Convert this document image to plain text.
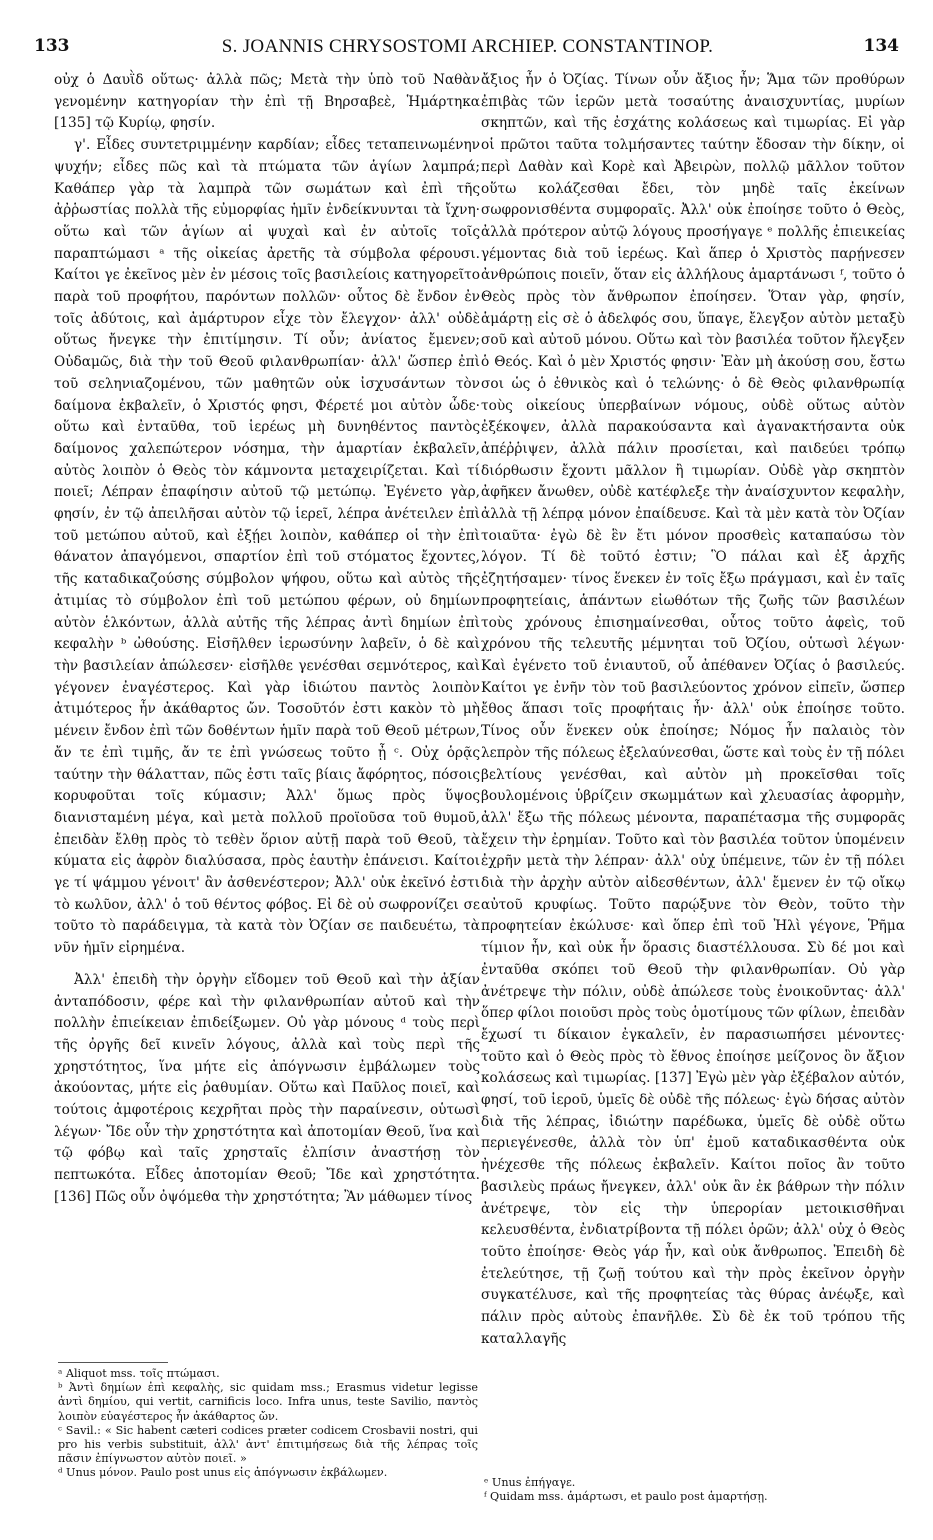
133	S. JOANNIS CHRYSOSTOMI ARCHIEP. CONSTANTINOP.	134

οὐχ ὁ Δαυῒδ οὕτως· ἀλλὰ πῶς; Μετὰ τὴν ὑπὸ τοῦ Ναθὰν γενομένην κατηγορίαν τὴν ἐπὶ τῇ Βηρσαβεὲ, Ἡμάρτηκα [135] τῷ Κυρίῳ, φησίν.

γ'. Εἶδες συντετριμμένην καρδίαν; εἶδες τεταπεινωμένην ψυχήν; εἶδες πῶς καὶ τὰ πτώματα τῶν ἁγίων λαμπρά; Καθάπερ γὰρ τὰ λαμπρὰ τῶν σωμάτων καὶ ἐπὶ τῆς ἀῤῥωστίας πολλὰ τῆς εὐμορφίας ἡμῖν ἐνδείκνυνται τὰ ἴχνη· οὕτω καὶ τῶν ἁγίων αἱ ψυχαὶ καὶ ἐν αὐτοῖς τοῖς παραπτώμασι ᵃ τῆς οἰκείας ἀρετῆς τὰ σύμβολα φέρουσι. Καίτοι γε ἐκεῖνος μὲν ἐν μέσοις τοῖς βασιλείοις κατηγορεῖτο παρὰ τοῦ προφήτου, παρόντων πολλῶν· οὗτος δὲ ἔνδον ἐν τοῖς ἀδύτοις, καὶ ἀμάρτυρον εἶχε τὸν ἔλεγχον· ἀλλ' οὐδὲ οὕτως ἤνεγκε τὴν ἐπιτίμησιν. Τί οὖν; ἀνίατος ἔμενεν; Οὐδαμῶς, διὰ τὴν τοῦ Θεοῦ φιλανθρωπίαν· ἀλλ' ὥσπερ ἐπὶ τοῦ σεληνιαζομένου, τῶν μαθητῶν οὐκ ἰσχυσάντων τὸν δαίμονα ἐκβαλεῖν, ὁ Χριστός φησι, Φέρετέ μοι αὐτὸν ὧδε· οὕτω καὶ ἐνταῦθα, τοῦ ἱερέως μὴ δυνηθέντος παντὸς δαίμονος χαλεπώτερον νόσημα, τὴν ἁμαρτίαν ἐκβαλεῖν, αὐτὸς λοιπὸν ὁ Θεὸς τὸν κάμνοντα μεταχειρίζεται. Καὶ τί ποιεῖ; Λέπραν ἐπαφίησιν αὐτοῦ τῷ μετώπῳ. Ἐγένετο γὰρ, φησίν, ἐν τῷ ἀπειλῆσαι αὐτὸν τῷ ἱερεῖ, λέπρα ἀνέτειλεν ἐπὶ τοῦ μετώπου αὐτοῦ, καὶ ἐξῄει λοιπὸν, καθάπερ οἱ τὴν ἐπὶ θάνατον ἀπαγόμενοι, σπαρτίον ἐπὶ τοῦ στόματος ἔχοντες, τῆς καταδικαζούσης σύμβολον ψήφου, οὕτω καὶ αὐτὸς τῆς ἀτιμίας τὸ σύμβολον ἐπὶ τοῦ μετώπου φέρων, οὐ δημίων αὐτὸν ἑλκόντων, ἀλλὰ αὐτῆς τῆς λέπρας ἀντὶ δημίων ἐπὶ κεφαλὴν ᵇ ὠθούσης. Εἰσῆλθεν ἱερωσύνην λαβεῖν, ὁ δὲ καὶ τὴν βασιλείαν ἀπώλεσεν· εἰσῆλθε γενέσθαι σεμνότερος, καὶ γέγονεν ἐναγέστερος. Καὶ γὰρ ἰδιώτου παντὸς λοιπὸν ἀτιμότερος ἦν ἀκάθαρτος ὤν. Τοσοῦτόν ἐστι κακὸν τὸ μὴ μένειν ἔνδον ἐπὶ τῶν δοθέντων ἡμῖν παρὰ τοῦ Θεοῦ μέτρων, ἄν τε ἐπὶ τιμῆς, ἄν τε ἐπὶ γνώσεως τοῦτο ᾖ ᶜ. Οὐχ ὁρᾷς ταύτην τὴν θάλατταν, πῶς ἐστι ταῖς βίαις ἄφόρητος, πόσοις κορυφοῦται τοῖς κύμασιν; Ἀλλ' ὅμως πρὸς ὕψος διανισταμένη μέγα, καὶ μετὰ πολλοῦ προϊοῦσα τοῦ θυμοῦ, ἐπειδὰν ἔλθῃ πρὸς τὸ τεθὲν ὅριον αὐτῇ παρὰ τοῦ Θεοῦ, τὰ κύματα εἰς ἀφρὸν διαλύσασα, πρὸς ἑαυτὴν ἐπάνεισι. Καίτοι γε τί ψάμμου γένοιτ' ἂν ἀσθενέστερον; Ἀλλ' οὐκ ἐκεῖνό ἐστι τὸ κωλῦον, ἀλλ' ὁ τοῦ θέντος φόβος. Εἰ δὲ οὐ σωφρονίζει σε τοῦτο τὸ παράδειγμα, τὰ κατὰ τὸν Ὀζίαν σε παιδευέτω, τὰ νῦν ἡμῖν εἰρημένα.

Ἀλλ' ἐπειδὴ τὴν ὀργὴν εἴδομεν τοῦ Θεοῦ καὶ τὴν ἀξίαν ἀνταπόδοσιν, φέρε καὶ τὴν φιλανθρωπίαν αὐτοῦ καὶ τὴν πολλὴν ἐπιείκειαν ἐπιδείξωμεν. Οὐ γὰρ μόνους ᵈ τοὺς περὶ τῆς ὀργῆς δεῖ κινεῖν λόγους, ἀλλὰ καὶ τοὺς περὶ τῆς χρηστότητος, ἵνα μήτε εἰς ἀπόγνωσιν ἐμβάλωμεν τοὺς ἀκούοντας, μήτε εἰς ῥαθυμίαν. Οὕτω καὶ Παῦλος ποιεῖ, καὶ τούτοις ἀμφοτέροις κεχρῆται πρὸς τὴν παραίνεσιν, οὑτωσὶ λέγων· Ἴδε οὖν τὴν χρηστότητα καὶ ἀποτομίαν Θεοῦ, ἵνα καὶ τῷ φόβῳ καὶ ταῖς χρησταῖς ἐλπίσιν ἀναστήσῃ τὸν πεπτωκότα. Εἶδες ἀποτομίαν Θεοῦ; Ἴδε καὶ χρηστότητα. [136] Πῶς οὖν ὀψόμεθα τὴν χρηστότητα; Ἂν μάθωμεν τίνος

ᵃ Aliquot mss. τοῖς πτώμασι.

ᵇ Ἀντὶ δημίων ἐπὶ κεφαλὴς, sic quidam mss.; Erasmus videtur legisse ἀντὶ δημίου, qui vertit, carnificis loco. Infra unus, teste Savilio, παντὸς λοιπὸν εὐαγέστερος ἦν ἀκάθαρτος ὤν.

ᶜ Savil.: « Sic habent cæteri codices præter codicem Crosbavii nostri, qui pro his verbis substituit, ἀλλ' ἀντ' ἐπιτιμήσεως διὰ τῆς λέπρας τοῖς πᾶσιν ἐπίγνωστον αὐτὸν ποιεῖ. »

ᵈ Unus μόνον. Paulo post unus εἰς ἀπόγνωσιν ἐκβάλωμεν.

ἄξιος ἦν ὁ Ὀζίας. Τίνων οὖν ἄξιος ἦν; Ἅμα τῶν προθύρων ἐπιβὰς τῶν ἱερῶν μετὰ τοσαύτης ἀναισχυντίας, μυρίων σκηπτῶν, καὶ τῆς ἐσχάτης κολάσεως καὶ τιμωρίας. Εἰ γὰρ οἱ πρῶτοι ταῦτα τολμήσαντες ταύτην ἔδοσαν τὴν δίκην, οἱ περὶ Δαθὰν καὶ Κορὲ καὶ Ἀβειρὼν, πολλῷ μᾶλλον τοῦτον οὕτω κολάζεσθαι ἔδει, τὸν μηδὲ ταῖς ἐκείνων σωφρονισθέντα συμφοραῖς. Ἀλλ' οὐκ ἐποίησε τοῦτο ὁ Θεὸς, ἀλλὰ πρότερον αὐτῷ λόγους προσήγαγε ᵉ πολλῆς ἐπιεικείας γέμοντας διὰ τοῦ ἱερέως. Καὶ ἅπερ ὁ Χριστὸς παρῄνεσεν ἀνθρώποις ποιεῖν, ὅταν εἰς ἀλλήλους ἁμαρτάνωσι ᶠ, τοῦτο ὁ Θεὸς πρὸς τὸν ἄνθρωπον ἐποίησεν. Ὅταν γὰρ, φησίν, ἁμάρτῃ εἰς σὲ ὁ ἀδελφός σου, ὕπαγε, ἔλεγξον αὐτὸν μεταξὺ σοῦ καὶ αὐτοῦ μόνου. Οὕτω καὶ τὸν βασιλέα τοῦτον ἤλεγξεν ὁ Θεός. Καὶ ὁ μὲν Χριστός φησιν· Ἐὰν μὴ ἀκούσῃ σου, ἔστω σοι ὡς ὁ ἐθνικὸς καὶ ὁ τελώνης· ὁ δὲ Θεὸς φιλανθρωπίᾳ τοὺς οἰκείους ὑπερβαίνων νόμους, οὐδὲ οὕτως αὐτὸν ἐξέκοψεν, ἀλλὰ παρακούσαντα καὶ ἀγανακτήσαντα οὐκ ἀπέῤῥιψεν, ἀλλὰ πάλιν προσίεται, καὶ παιδεύει τρόπῳ διόρθωσιν ἔχοντι μᾶλλον ἢ τιμωρίαν. Οὐδὲ γὰρ σκηπτὸν ἀφῆκεν ἄνωθεν, οὐδὲ κατέφλεξε τὴν ἀναίσχυντον κεφαλὴν, ἀλλὰ τῇ λέπρᾳ μόνον ἐπαίδευσε. Καὶ τὰ μὲν κατὰ τὸν Ὀζίαν τοιαῦτα· ἐγὼ δὲ ἓν ἔτι μόνον προσθεὶς καταπαύσω τὸν λόγον. Τί δὲ τοῦτό ἐστιν; Ὃ πάλαι καὶ ἐξ ἀρχῆς ἐζητήσαμεν· τίνος ἕνεκεν ἐν τοῖς ἔξω πράγμασι, καὶ ἐν ταῖς προφητείαις, ἁπάντων εἰωθότων τῆς ζωῆς τῶν βασιλέων τοὺς χρόνους ἐπισημαίνεσθαι, οὗτος τοῦτο ἀφεὶς, τοῦ χρόνου τῆς τελευτῆς μέμνηται τοῦ Ὀζίου, οὑτωσὶ λέγων· Καὶ ἐγένετο τοῦ ἐνιαυτοῦ, οὗ ἀπέθανεν Ὀζίας ὁ βασιλεύς. Καίτοι γε ἐνῆν τὸν τοῦ βασιλεύοντος χρόνον εἰπεῖν, ὥσπερ ἔθος ἅπασι τοῖς προφήταις ἦν· ἀλλ' οὐκ ἐποίησε τοῦτο. Τίνος οὖν ἕνεκεν οὐκ ἐποίησε; Νόμος ἦν παλαιὸς τὸν λεπρὸν τῆς πόλεως ἐξελαύνεσθαι, ὥστε καὶ τοὺς ἐν τῇ πόλει βελτίους γενέσθαι, καὶ αὐτὸν μὴ προκεῖσθαι τοῖς βουλομένοις ὑβρίζειν σκωμμάτων καὶ χλευασίας ἀφορμὴν, ἀλλ' ἔξω τῆς πόλεως μένοντα, παραπέτασμα τῆς συμφορᾶς ἔχειν τὴν ἐρημίαν. Τοῦτο καὶ τὸν βασιλέα τοῦτον ὑπομένειν ἐχρῆν μετὰ τὴν λέπραν· ἀλλ' οὐχ ὑπέμεινε, τῶν ἐν τῇ πόλει διὰ τὴν ἀρχὴν αὐτὸν αἰδεσθέντων, ἀλλ' ἔμενεν ἐν τῷ οἴκῳ αὐτοῦ κρυφίως. Τοῦτο παρῴξυνε τὸν Θεὸν, τοῦτο τὴν προφητείαν ἐκώλυσε· καὶ ὅπερ ἐπὶ τοῦ Ἠλὶ γέγονε, Ῥῆμα τίμιον ἦν, καὶ οὐκ ἦν ὅρασις διαστέλλουσα. Σὺ δέ μοι καὶ ἐνταῦθα σκόπει τοῦ Θεοῦ τὴν φιλανθρωπίαν. Οὐ γὰρ ἀνέτρεψε τὴν πόλιν, οὐδὲ ἀπώλεσε τοὺς ἐνοικοῦντας· ἀλλ' ὅπερ φίλοι ποιοῦσι πρὸς τοὺς ὁμοτίμους τῶν φίλων, ἐπειδὰν ἔχωσί τι δίκαιον ἐγκαλεῖν, ἐν παρασιωπήσει μένοντες· τοῦτο καὶ ὁ Θεὸς πρὸς τὸ ἔθνος ἐποίησε μείζονος ὂν ἄξιον κολάσεως καὶ τιμωρίας. [137] Ἐγὼ μὲν γὰρ ἐξέβαλον αὐτόν, φησί, τοῦ ἱεροῦ, ὑμεῖς δὲ οὐδὲ τῆς πόλεως· ἐγὼ δήσας αὐτὸν διὰ τῆς λέπρας, ἰδιώτην παρέδωκα, ὑμεῖς δὲ οὐδὲ οὕτω περιεγένεσθε, ἀλλὰ τὸν ὑπ' ἐμοῦ καταδικασθέντα οὐκ ἠνέχεσθε τῆς πόλεως ἐκβαλεῖν. Καίτοι ποῖος ἂν τοῦτο βασιλεὺς πράως ἤνεγκεν, ἀλλ' οὐκ ἂν ἐκ βάθρων τὴν πόλιν ἀνέτρεψε, τὸν εἰς τὴν ὑπερορίαν μετοικισθῆναι κελευσθέντα, ἐνδιατρίβοντα τῇ πόλει ὁρῶν; ἀλλ' οὐχ ὁ Θεὸς τοῦτο ἐποίησε· Θεὸς γάρ ἦν, καὶ οὐκ ἄνθρωπος. Ἐπειδὴ δὲ ἐτελεύτησε, τῇ ζωῇ τούτου καὶ τὴν πρὸς ἐκεῖνον ὀργὴν συγκατέλυσε, καὶ τῆς προφητείας τὰς θύρας ἀνέῳξε, καὶ πάλιν πρὸς αὐτοὺς ἐπανῆλθε. Σὺ δὲ ἐκ τοῦ τρόπου τῆς καταλλαγῆς

ᵉ Unus ἐπήγαγε.

ᶠ Quidam mss. ἁμάρτωσι, et paulo post ἁμαρτήσῃ.
